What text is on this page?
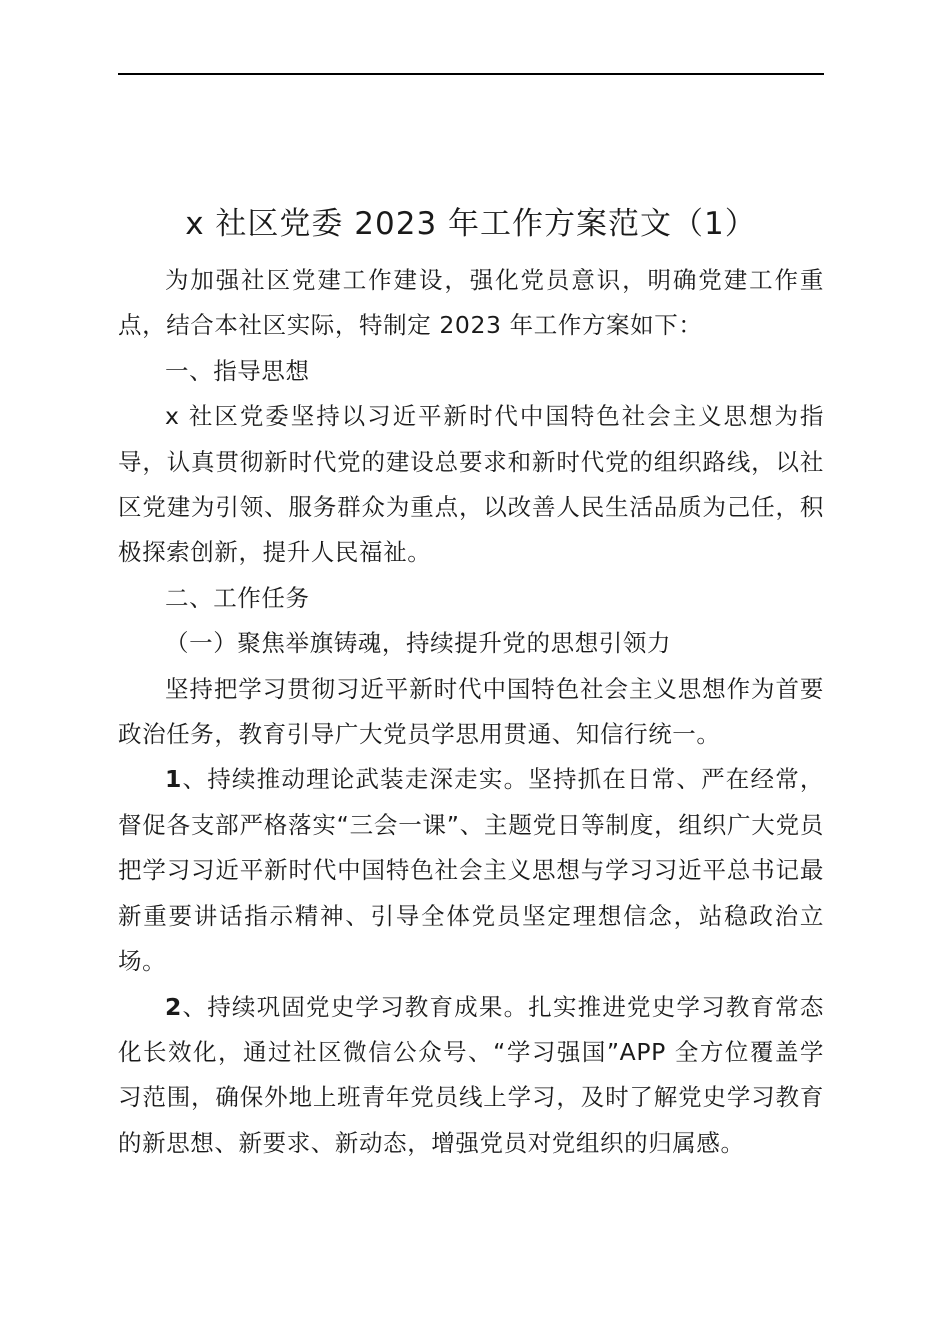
x 社区党委 2023 年工作方案范文（1）

为加强社区党建工作建设，强化党员意识，明确党建工作重点，结合本社区实际，特制定 2023 年工作方案如下：

一、指导思想

x 社区党委坚持以习近平新时代中国特色社会主义思想为指导，认真贯彻新时代党的建设总要求和新时代党的组织路线，以社区党建为引领、服务群众为重点，以改善人民生活品质为己任，积极探索创新，提升人民福祉。

二、工作任务

（一）聚焦举旗铸魂，持续提升党的思想引领力

坚持把学习贯彻习近平新时代中国特色社会主义思想作为首要政治任务，教育引导广大党员学思用贯通、知信行统一。

1、持续推动理论武装走深走实。坚持抓在日常、严在经常，督促各支部严格落实“三会一课”、主题党日等制度，组织广大党员把学习习近平新时代中国特色社会主义思想与学习习近平总书记最新重要讲话指示精神、引导全体党员坚定理想信念，站稳政治立场。

2、持续巩固党史学习教育成果。扎实推进党史学习教育常态化长效化，通过社区微信公众号、“学习强国”APP 全方位覆盖学习范围，确保外地上班青年党员线上学习，及时了解党史学习教育的新思想、新要求、新动态，增强党员对党组织的归属感。
